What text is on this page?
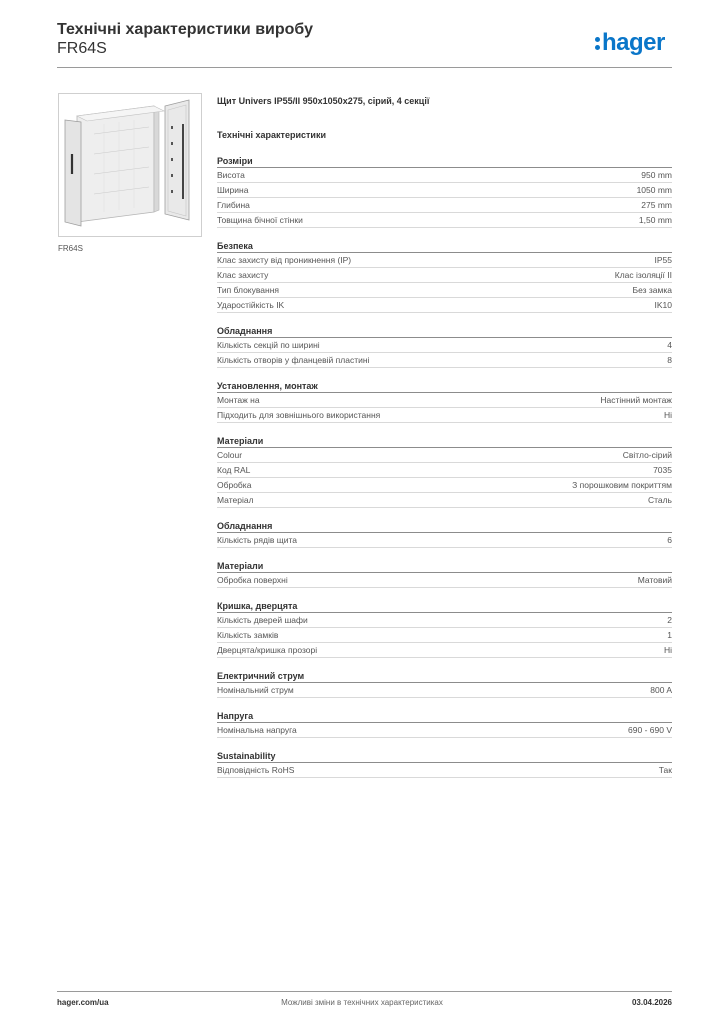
Технічні характеристики виробу
FR64S	hager
FR64S
Щит Univers IP55/II 950x1050x275, сірий, 4 секції
Технічні характеристики
Розміри
Висота	950 mm
Ширина	1050 mm
Глибина	275 mm
Товщина бічної стінки	1,50 mm
Безпека
Клас захисту від проникнення (IP)	IP55
Клас захисту	Клас ізоляції II
Тип блокування	Без замка
Ударостійкість IK	IK10
Обладнання
Кількість секцій по ширині	4
Кількість отворів у фланцевій пластині	8
Установлення, монтаж
Монтаж на	Настінний монтаж
Підходить для зовнішнього використання	Ні
Матеріали
Colour	Світло-сірий
Код RAL	7035
Обробка	З порошковим покриттям
Матеріал	Сталь
Обладнання
Кількість рядів щита	6
Матеріали
Обробка поверхні	Матовий
Кришка, дверцята
Кількість дверей шафи	2
Кількість замків	1
Дверцята/кришка прозорі	Ні
Електричний струм
Номінальний струм	800 A
Напруга
Номінальна напруга	690 - 690 V
Sustainability
Відповідність RoHS	Так
hager.com/ua	Можливі зміни в технічних характеристиках	03.04.2026
